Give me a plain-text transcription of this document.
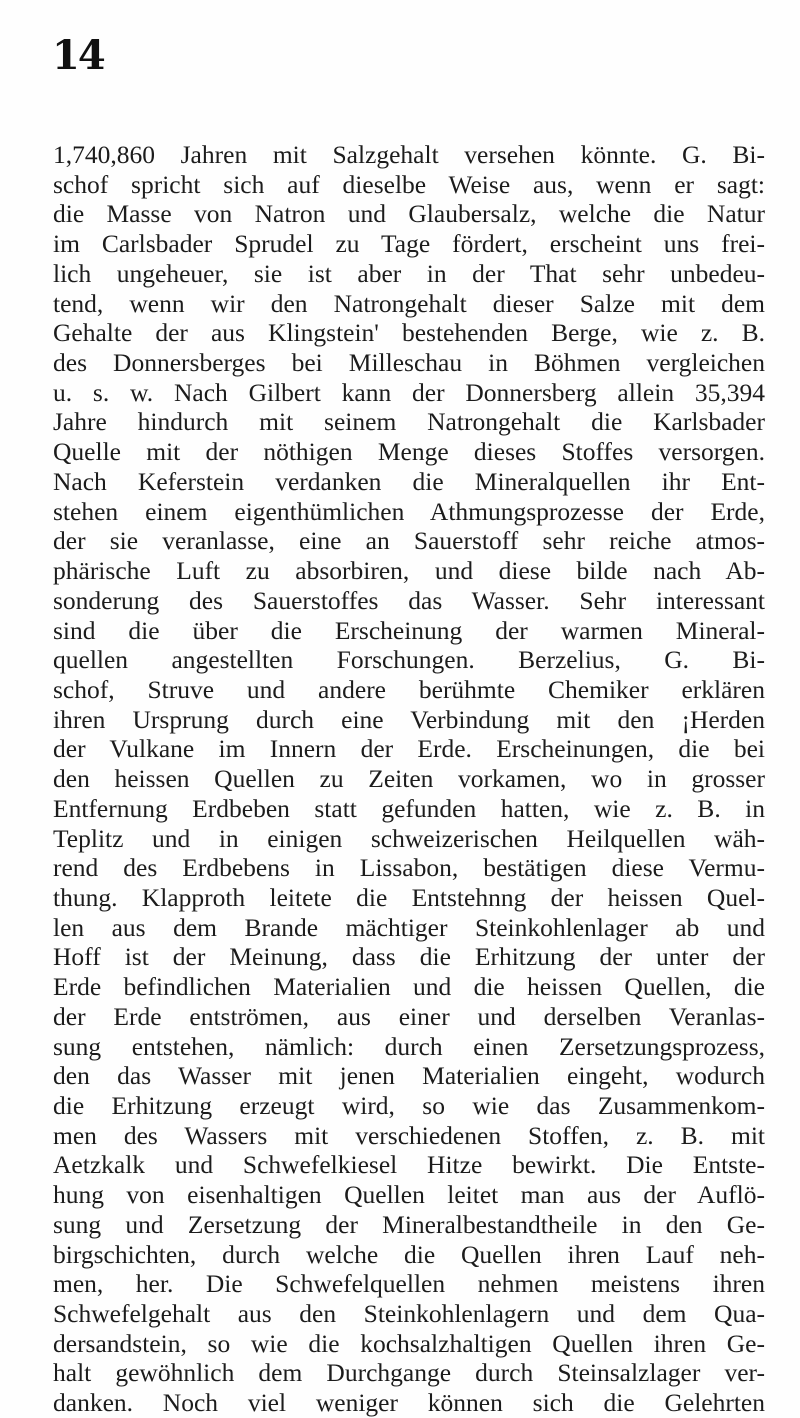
14
1,740,860 Jahren mit Salzgehalt versehen könnte. G. Bi-
schof spricht sich auf dieselbe Weise aus, wenn er sagt:
die Masse von Natron und Glaubersalz, welche die Natur
im Carlsbader Sprudel zu Tage fördert, erscheint uns frei-
lich ungeheuer, sie ist aber in der That sehr unbedeu-
tend, wenn wir den Natrongehalt dieser Salze mit dem
Gehalte der aus Klingstein' bestehenden Berge, wie z. B.
des Donnersberges bei Milleschau in Böhmen vergleichen
u. s. w. Nach Gilbert kann der Donnersberg allein 35,394
Jahre hindurch mit seinem Natrongehalt die Karlsbader
Quelle mit der nöthigen Menge dieses Stoffes versorgen.
Nach Keferstein verdanken die Mineralquellen ihr Ent-
stehen einem eigenthümlichen Athmungsprozesse der Erde,
der sie veranlasse, eine an Sauerstoff sehr reiche atmos-
phärische Luft zu absorbiren, und diese bilde nach Ab-
sonderung des Sauerstoffes das Wasser. Sehr interessant
sind die über die Erscheinung der warmen Mineral-
quellen angestellten Forschungen. Berzelius, G. Bi-
schof, Struve und andere berühmte Chemiker erklären
ihren Ursprung durch eine Verbindung mit den ¡Herden
der Vulkane im Innern der Erde. Erscheinungen, die bei
den heissen Quellen zu Zeiten vorkamen, wo in grosser
Entfernung Erdbeben statt gefunden hatten, wie z. B. in
Teplitz und in einigen schweizerischen Heilquellen wäh-
rend des Erdbebens in Lissabon, bestätigen diese Vermu-
thung. Klapproth leitete die Entstehnng der heissen Quel-
len aus dem Brande mächtiger Steinkohlenlager ab und
Hoff ist der Meinung, dass die Erhitzung der unter der
Erde befindlichen Materialien und die heissen Quellen, die
der Erde entströmen, aus einer und derselben Veranlas-
sung entstehen, nämlich: durch einen Zersetzungsprozess,
den das Wasser mit jenen Materialien eingeht, wodurch
die Erhitzung erzeugt wird, so wie das Zusammenkom-
men des Wassers mit verschiedenen Stoffen, z. B. mit
Aetzkalk und Schwefelkiesel Hitze bewirkt. Die Entste-
hung von eisenhaltigen Quellen leitet man aus der Auflö-
sung und Zersetzung der Mineralbestandtheile in den Ge-
birgschichten, durch welche die Quellen ihren Lauf neh-
men, her. Die Schwefelquellen nehmen meistens ihren
Schwefelgehalt aus den Steinkohlenlagern und dem Qua-
dersandstein, so wie die kochsalzhaltigen Quellen ihren Ge-
halt gewöhnlich dem Durchgange durch Steinsalzlager ver-
danken. Noch viel weniger können sich die Gelehrten
